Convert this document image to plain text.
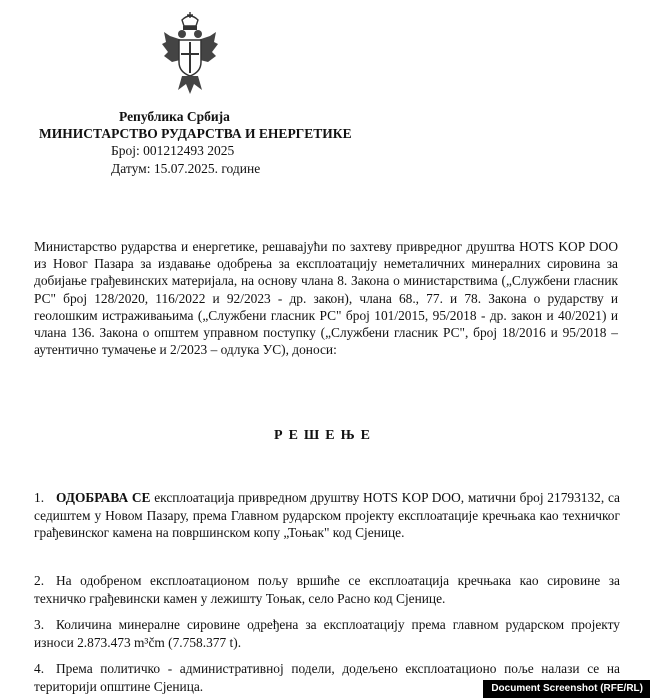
Република Србија
МИНИСТАРСТВО РУДАРСТВА И ЕНЕРГЕТИКЕ
Број: 001212493 2025
Датум: 15.07.2025. године
Министарство рударства и енергетике, решавајући по захтеву привредног друштва HOTS KOP DOO из Новог Пазара за издавање одобрења за експлоатацију неметаличних минералних сировина за добијање грађевинских материјала, на основу члана 8. Закона о министарствима („Службени гласник РС" број 128/2020, 116/2022 и 92/2023 - др. закон), члана 68., 77. и 78. Закона о рударству и геолошким истраживањима („Службени гласник РС" број 101/2015, 95/2018 - др. закон и 40/2021) и члана 136. Закона о општем управном поступку („Службени гласник РС", број 18/2016 и 95/2018 – аутентично тумачење и 2/2023 – одлука УС), доноси:
РЕШЕЊЕ
1. ОДОБРАВА СЕ експлоатација привредном друштву HOTS KOP DOO, матични број 21793132, са седиштем у Новом Пазару, према Главном рударском пројекту експлоатације кречњака као техничког грађевинског камена на површинском копу „Тоњак" код Сјенице.
2. На одобреном експлоатационом пољу вршиће се експлоатација кречњака као сировине за техничко грађевински камен у лежишту Тоњак, село Расно код Сјенице.
3. Количина минералне сировине одређена за експлоатацију према главном рударском пројекту износи 2.873.473 m³čm (7.758.377 t).
4. Према политичко - административној подели, додељено експлоатационо поље налази се на територији општине Сјеница.	Document Screenshot (RFE/RL)
